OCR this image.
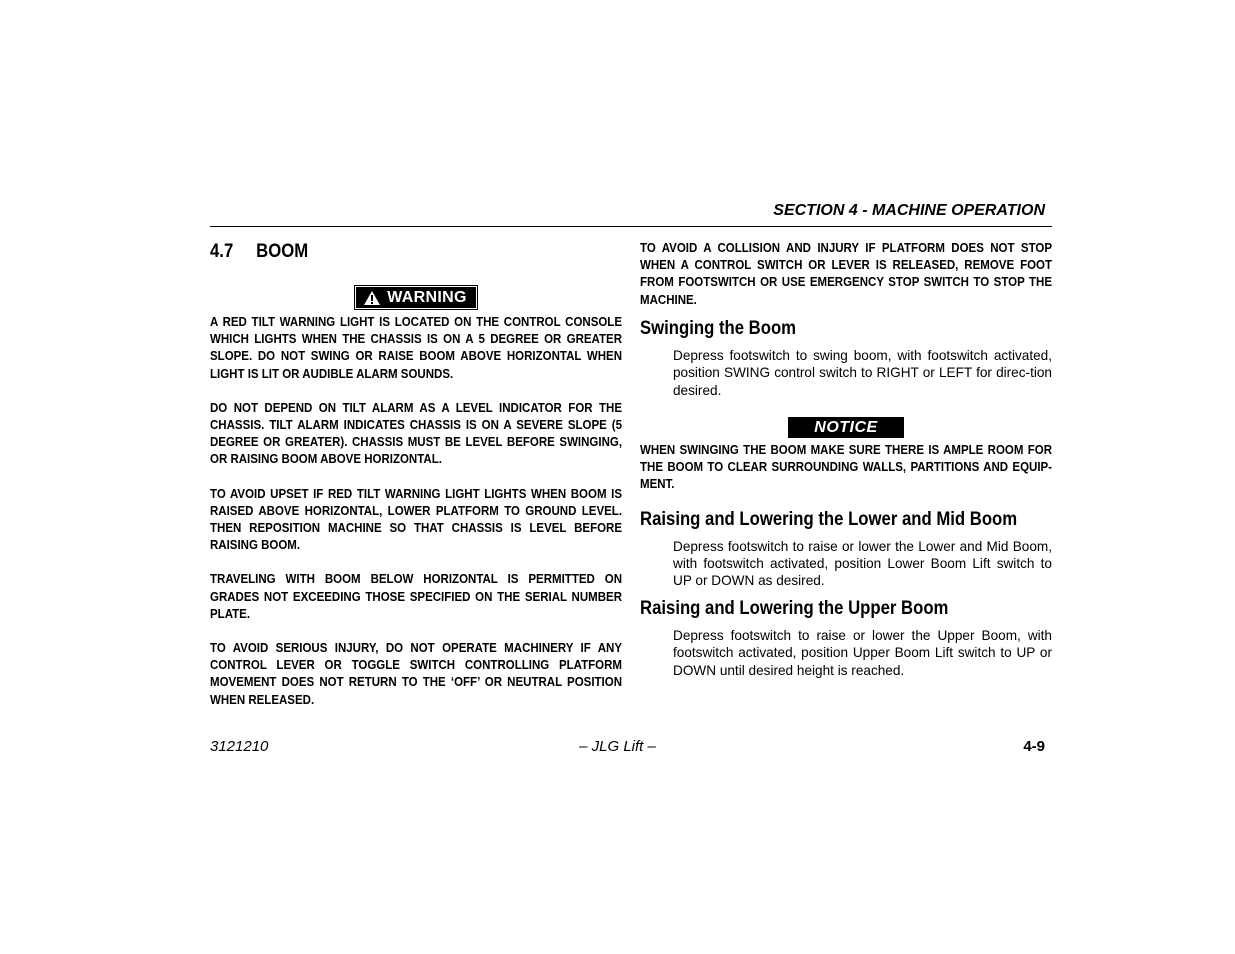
SECTION 4 - MACHINE OPERATION
4.7 BOOM
WARNING

A RED TILT WARNING LIGHT IS LOCATED ON THE CONTROL CONSOLE WHICH LIGHTS WHEN THE CHASSIS IS ON A 5 DEGREE OR GREATER SLOPE. DO NOT SWING OR RAISE BOOM ABOVE HORIZONTAL WHEN LIGHT IS LIT OR AUDIBLE ALARM SOUNDS.

DO NOT DEPEND ON TILT ALARM AS A LEVEL INDICATOR FOR THE CHASSIS. TILT ALARM INDICATES CHASSIS IS ON A SEVERE SLOPE (5 DEGREE OR GREATER). CHASSIS MUST BE LEVEL BEFORE SWINGING, OR RAISING BOOM ABOVE HORIZONTAL.

TO AVOID UPSET IF RED TILT WARNING LIGHT LIGHTS WHEN BOOM IS RAISED ABOVE HORIZONTAL, LOWER PLATFORM TO GROUND LEVEL. THEN REPOSITION MACHINE SO THAT CHASSIS IS LEVEL BEFORE RAISING BOOM.

TRAVELING WITH BOOM BELOW HORIZONTAL IS PERMITTED ON GRADES NOT EXCEEDING THOSE SPECIFIED ON THE SERIAL NUMBER PLATE.

TO AVOID SERIOUS INJURY, DO NOT OPERATE MACHINERY IF ANY CONTROL LEVER OR TOGGLE SWITCH CONTROLLING PLATFORM MOVEMENT DOES NOT RETURN TO THE ‘OFF’ OR NEUTRAL POSITION WHEN RELEASED.

TO AVOID A COLLISION AND INJURY IF PLATFORM DOES NOT STOP WHEN A CONTROL SWITCH OR LEVER IS RELEASED, REMOVE FOOT FROM FOOTSWITCH OR USE EMERGENCY STOP SWITCH TO STOP THE MACHINE.

Swinging the Boom

Depress footswitch to swing boom, with footswitch activated, position SWING control switch to RIGHT or LEFT for direc-tion desired.

NOTICE

WHEN SWINGING THE BOOM MAKE SURE THERE IS AMPLE ROOM FOR THE BOOM TO CLEAR SURROUNDING WALLS, PARTITIONS AND EQUIP-MENT.

Raising and Lowering the Lower and Mid Boom

Depress footswitch to raise or lower the Lower and Mid Boom, with footswitch activated, position Lower Boom Lift switch to UP or DOWN as desired.

Raising and Lowering the Upper Boom

Depress footswitch to raise or lower the Upper Boom, with footswitch activated, position Upper Boom Lift switch to UP or DOWN until desired height is reached.

3121210	– JLG Lift –	4-9
